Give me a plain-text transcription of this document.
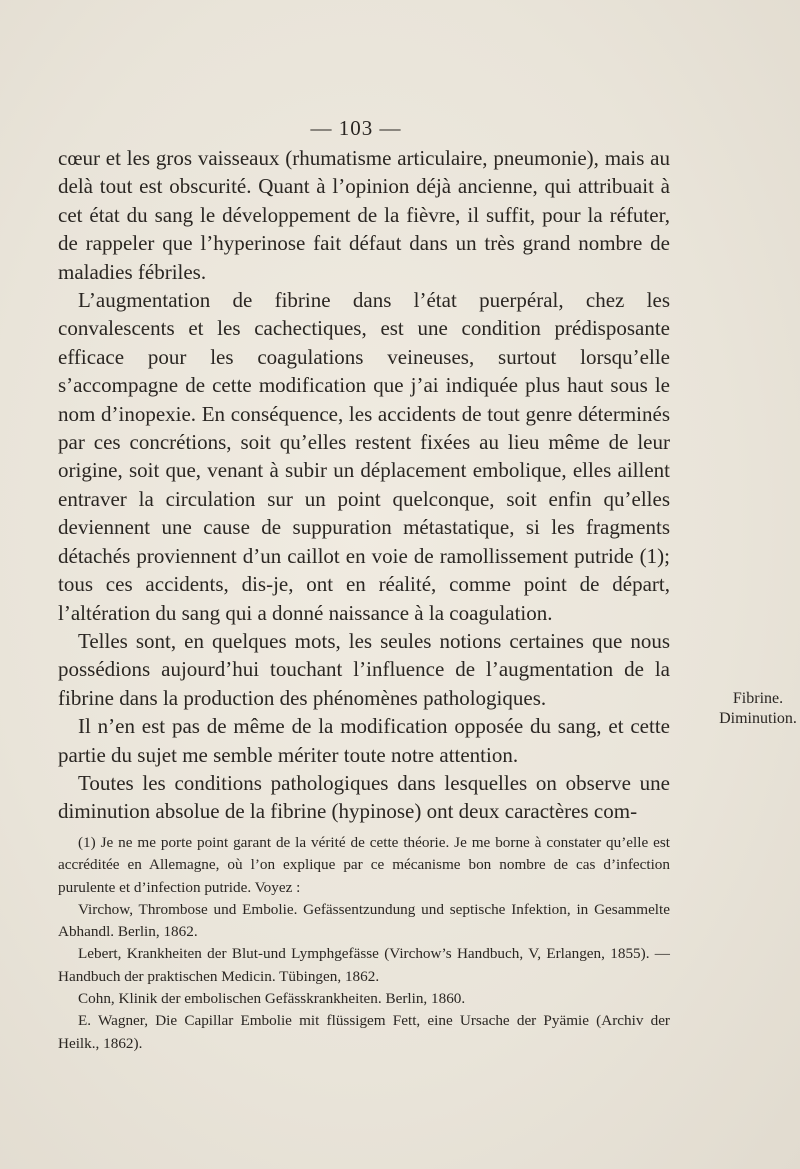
— 103 —

cœur et les gros vaisseaux (rhumatisme articulaire, pneumonie), mais au delà tout est obscurité. Quant à l’opinion déjà ancienne, qui attribuait à cet état du sang le développement de la fièvre, il suffit, pour la réfuter, de rappeler que l’hyperinose fait défaut dans un très grand nombre de maladies fébriles.

L’augmentation de fibrine dans l’état puerpéral, chez les convalescents et les cachectiques, est une condition prédisposante efficace pour les coagulations veineuses, surtout lorsqu’elle s’accompagne de cette modification que j’ai indiquée plus haut sous le nom d’inopexie. En conséquence, les accidents de tout genre déterminés par ces concrétions, soit qu’elles restent fixées au lieu même de leur origine, soit que, venant à subir un déplacement embolique, elles aillent entraver la circulation sur un point quelconque, soit enfin qu’elles deviennent une cause de suppuration métastatique, si les fragments détachés proviennent d’un caillot en voie de ramollissement putride (1); tous ces accidents, dis-je, ont en réalité, comme point de départ, l’altération du sang qui a donné naissance à la coagulation.

Telles sont, en quelques mots, les seules notions certaines que nous possédions aujourd’hui touchant l’influence de l’augmentation de la fibrine dans la production des phénomènes pathologiques.

Il n’en est pas de même de la modification opposée du sang, et cette partie du sujet me semble mériter toute notre attention.

Toutes les conditions pathologiques dans lesquelles on observe une diminution absolue de la fibrine (hypinose) ont deux caractères com-

Fibrine.
Diminution.

(1) Je ne me porte point garant de la vérité de cette théorie. Je me borne à constater qu’elle est accréditée en Allemagne, où l’on explique par ce mécanisme bon nombre de cas d’infection purulente et d’infection putride. Voyez :

Virchow, Thrombose und Embolie. Gefässentzundung und septische Infektion, in Gesammelte Abhandl. Berlin, 1862.

Lebert, Krankheiten der Blut-und Lymphgefässe (Virchow’s Handbuch, V, Erlangen, 1855). — Handbuch der praktischen Medicin. Tübingen, 1862.

Cohn, Klinik der embolischen Gefässkrankheiten. Berlin, 1860.

E. Wagner, Die Capillar Embolie mit flüssigem Fett, eine Ursache der Pyämie (Archiv der Heilk., 1862).
